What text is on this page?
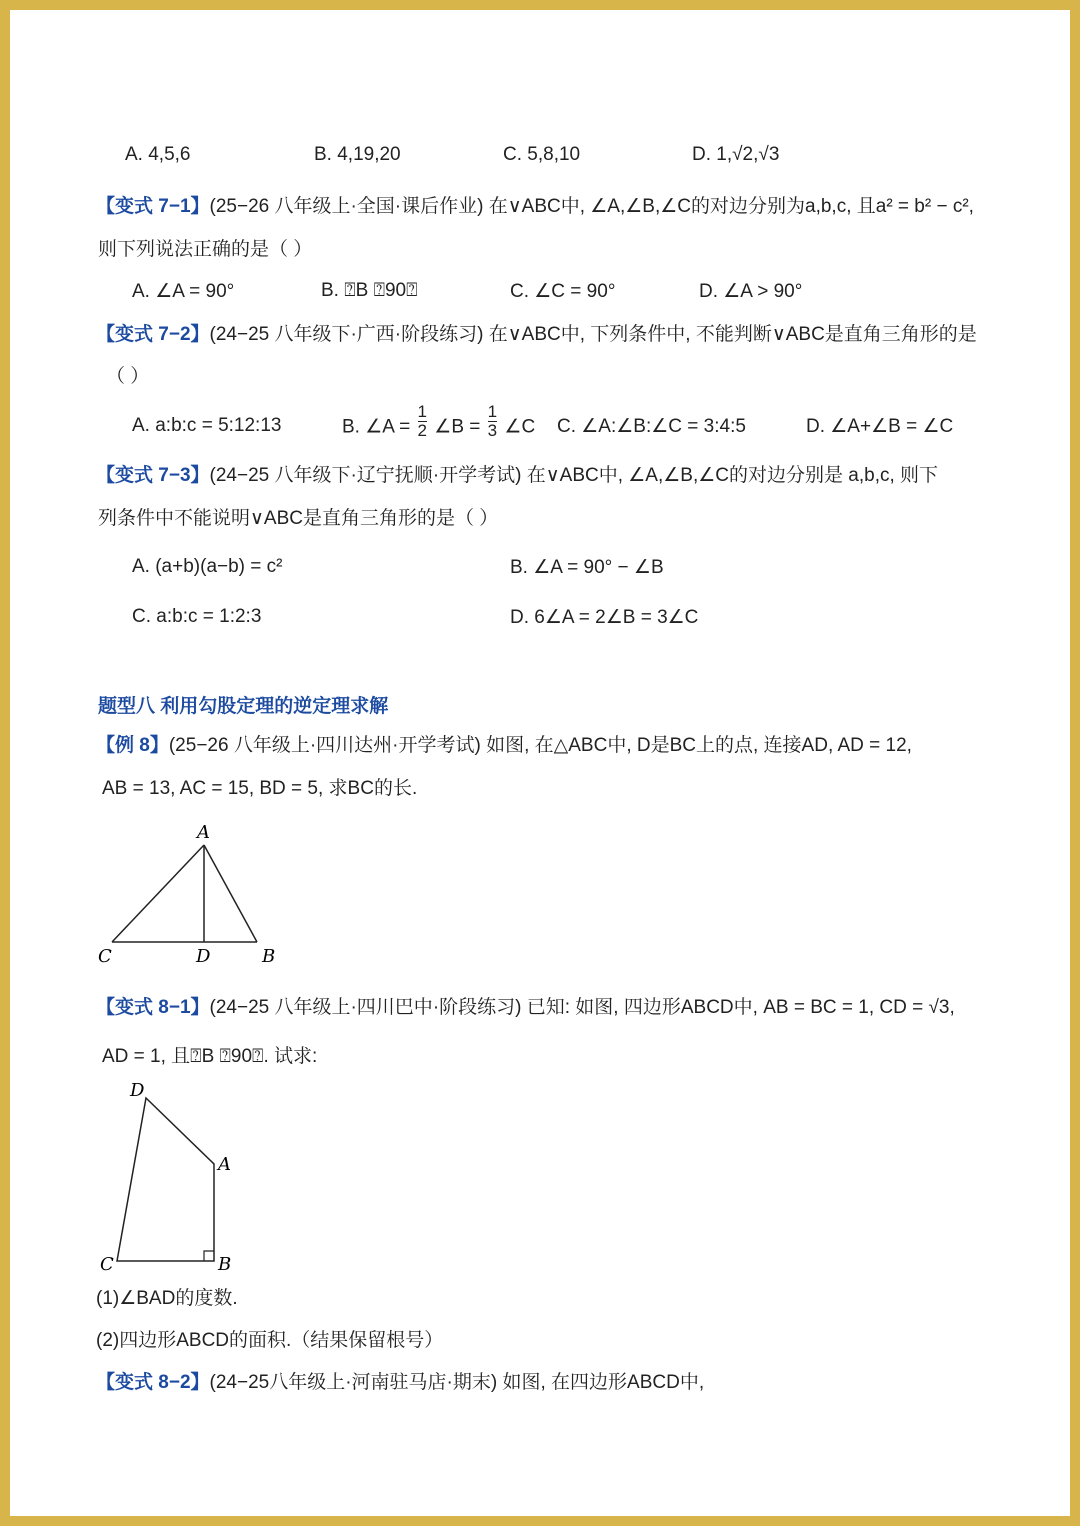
A. 4,5,6	B. 4,19,20	C. 5,8,10	D. 1,√2,√3
【变式 7−1】(25−26 八年级上·全国·课后作业) 在∨ABC中, ∠A,∠B,∠C的对边分别为a,b,c, 且a² = b² − c²,
则下列说法正确的是（ ）
A. ∠A = 90°	B. ⍰B ⍰90⍰	C. ∠C = 90°	D. ∠A > 90°
【变式 7−2】(24−25 八年级下·广西·阶段练习) 在∨ABC中, 下列条件中, 不能判断∨ABC是直角三角形的是
（ ）
A. a:b:c = 5:12:13	B. ∠A = $\frac{1}{2}$ ∠B = $\frac{1}{3}$ ∠C C. ∠A:∠B:∠C = 3:4:5	D. ∠A+∠B = ∠C
【变式 7−3】(24−25 八年级下·辽宁抚顺·开学考试) 在∨ABC中, ∠A,∠B,∠C的对边分别是 a,b,c, 则下
列条件中不能说明∨ABC是直角三角形的是（ ）
A. (a+b)(a−b) = c²	B. ∠A = 90° − ∠B
C. a:b:c = 1:2:3	D. 6∠A = 2∠B = 3∠C
题型八 利用勾股定理的逆定理求解
【例 8】(25−26 八年级上·四川达州·开学考试) 如图, 在△ABC中, D是BC上的点, 连接AD, AD = 12,
AB = 13, AC = 15, BD = 5, 求BC的长.
A
C	D	B
【变式 8−1】(24−25 八年级上·四川巴中·阶段练习) 已知: 如图, 四边形ABCD中, AB = BC = 1, CD = √3,
AD = 1, 且⍰B ⍰90⍰. 试求:
D
A
C	B
(1)∠BAD的度数.
(2)四边形ABCD的面积.（结果保留根号）
【变式 8−2】(24−25八年级上·河南驻马店·期末) 如图, 在四边形ABCD中,
